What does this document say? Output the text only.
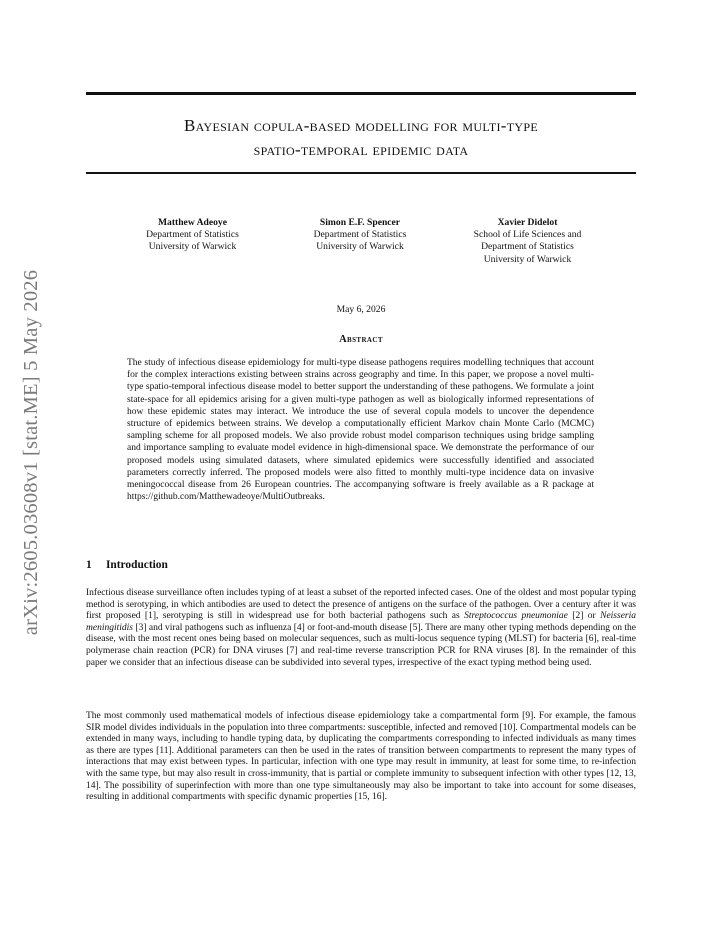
arXiv:2605.03608v1 [stat.ME] 5 May 2026
Bayesian copula-based modelling for multi-type
spatio-temporal epidemic data
Matthew Adeoye
Department of Statistics
University of Warwick
Simon E.F. Spencer
Department of Statistics
University of Warwick
Xavier Didelot
School of Life Sciences and
Department of Statistics
University of Warwick
May 6, 2026
Abstract
The study of infectious disease epidemiology for multi-type disease pathogens requires modelling techniques that account for the complex interactions existing between strains across geography and time. In this paper, we propose a novel multi-type spatio-temporal infectious disease model to better support the understanding of these pathogens. We formulate a joint state-space for all epidemics arising for a given multi-type pathogen as well as biologically informed representations of how these epidemic states may interact. We introduce the use of several copula models to uncover the dependence structure of epidemics between strains. We develop a computationally efficient Markov chain Monte Carlo (MCMC) sampling scheme for all proposed models. We also provide robust model comparison techniques using bridge sampling and importance sampling to evaluate model evidence in high-dimensional space. We demonstrate the performance of our proposed models using simulated datasets, where simulated epidemics were successfully identified and associated parameters correctly inferred. The proposed models were also fitted to monthly multi-type incidence data on invasive meningococcal disease from 26 European countries. The accompanying software is freely available as a R package at https://github.com/Matthewadeoye/MultiOutbreaks.
1 Introduction

Infectious disease surveillance often includes typing of at least a subset of the reported infected cases. One of the oldest and most popular typing method is serotyping, in which antibodies are used to detect the presence of antigens on the surface of the pathogen. Over a century after it was first proposed [1], serotyping is still in widespread use for both bacterial pathogens such as Streptococcus pneumoniae [2] or Neisseria meningitidis [3] and viral pathogens such as influenza [4] or foot-and-mouth disease [5]. There are many other typing methods depending on the disease, with the most recent ones being based on molecular sequences, such as multi-locus sequence typing (MLST) for bacteria [6], real-time polymerase chain reaction (PCR) for DNA viruses [7] and real-time reverse transcription PCR for RNA viruses [8]. In the remainder of this paper we consider that an infectious disease can be subdivided into several types, irrespective of the exact typing method being used.

The most commonly used mathematical models of infectious disease epidemiology take a compartmental form [9]. For example, the famous SIR model divides individuals in the population into three compartments: susceptible, infected and removed [10]. Compartmental models can be extended in many ways, including to handle typing data, by duplicating the compartments corresponding to infected individuals as many times as there are types [11]. Additional parameters can then be used in the rates of transition between compartments to represent the many types of interactions that may exist between types. In particular, infection with one type may result in immunity, at least for some time, to re-infection with the same type, but may also result in cross-immunity, that is partial or complete immunity to subsequent infection with other types [12, 13, 14]. The possibility of superinfection with more than one type simultaneously may also be important to take into account for some diseases, resulting in additional compartments with specific dynamic properties [15, 16].
